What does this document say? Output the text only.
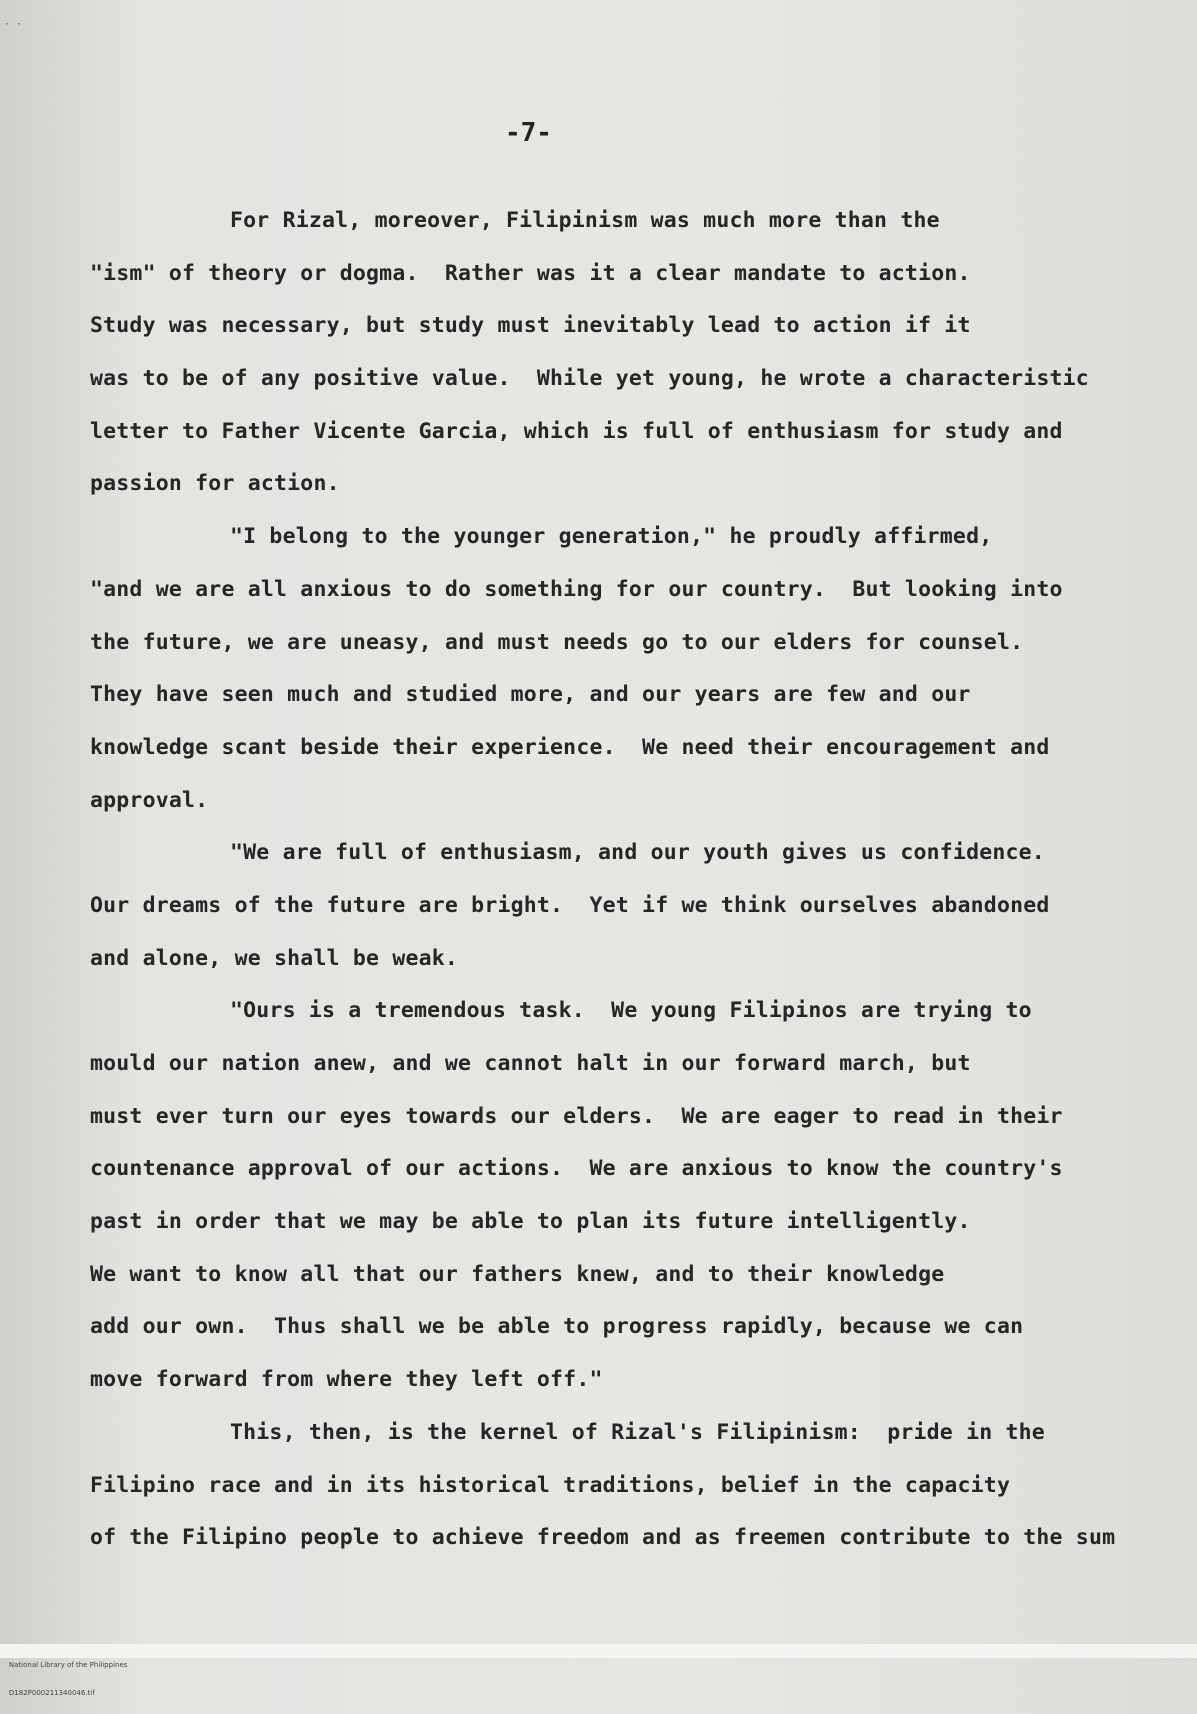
· ·
-7-
For Rizal, moreover, Filipinism was much more than the
"ism" of theory or dogma.  Rather was it a clear mandate to action.
Study was necessary, but study must inevitably lead to action if it
was to be of any positive value.  While yet young, he wrote a characteristic
letter to Father Vicente Garcia, which is full of enthusiasm for study and
passion for action.
"I belong to the younger generation," he proudly affirmed,
"and we are all anxious to do something for our country.  But looking into
the future, we are uneasy, and must needs go to our elders for counsel.
They have seen much and studied more, and our years are few and our
knowledge scant beside their experience.  We need their encouragement and
approval.
"We are full of enthusiasm, and our youth gives us confidence.
Our dreams of the future are bright.  Yet if we think ourselves abandoned
and alone, we shall be weak.
"Ours is a tremendous task.  We young Filipinos are trying to
mould our nation anew, and we cannot halt in our forward march, but
must ever turn our eyes towards our elders.  We are eager to read in their
countenance approval of our actions.  We are anxious to know the country's
past in order that we may be able to plan its future intelligently.
We want to know all that our fathers knew, and to their knowledge
add our own.  Thus shall we be able to progress rapidly, because we can
move forward from where they left off."
This, then, is the kernel of Rizal's Filipinism:  pride in the
Filipino race and in its historical traditions, belief in the capacity
of the Filipino people to achieve freedom and as freemen contribute to the sum

National Library of the Philippines

D182P000211340046.tif
